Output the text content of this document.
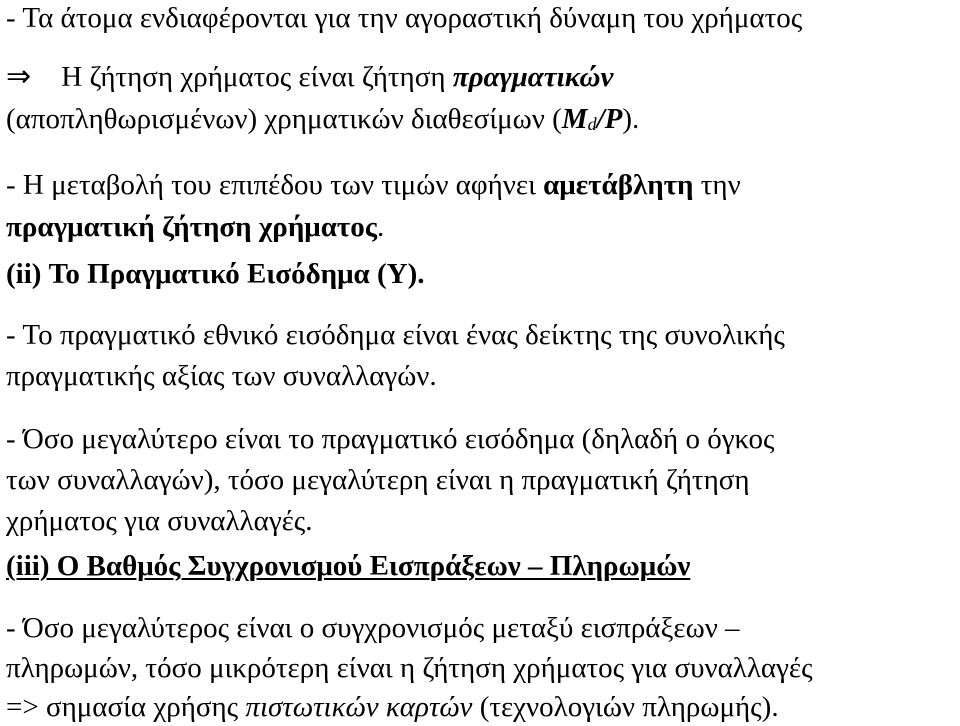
- Τα άτομα ενδιαφέρονται για την αγοραστική δύναμη του χρήματος
⇒ Η ζήτηση χρήματος είναι ζήτηση πραγματικών
(αποπληθωρισμένων) χρηματικών διαθεσίμων (Md/P).
- Η μεταβολή του επιπέδου των τιμών αφήνει αμετάβλητη την
πραγματική ζήτηση χρήματος.
(ii) Το Πραγματικό Εισόδημα (Y).
- Το πραγματικό εθνικό εισόδημα είναι ένας δείκτης της συνολικής
πραγματικής αξίας των συναλλαγών.
- Όσο μεγαλύτερο είναι το πραγματικό εισόδημα (δηλαδή ο όγκος
των συναλλαγών), τόσο μεγαλύτερη είναι η πραγματική ζήτηση
χρήματος για συναλλαγές.
(iii) Ο Βαθμός Συγχρονισμού Εισπράξεων – Πληρωμών
- Όσο μεγαλύτερος είναι ο συγχρονισμός μεταξύ εισπράξεων –
πληρωμών, τόσο μικρότερη είναι η ζήτηση χρήματος για συναλλαγές
=> σημασία χρήσης πιστωτικών καρτών (τεχνολογιών πληρωμής).
